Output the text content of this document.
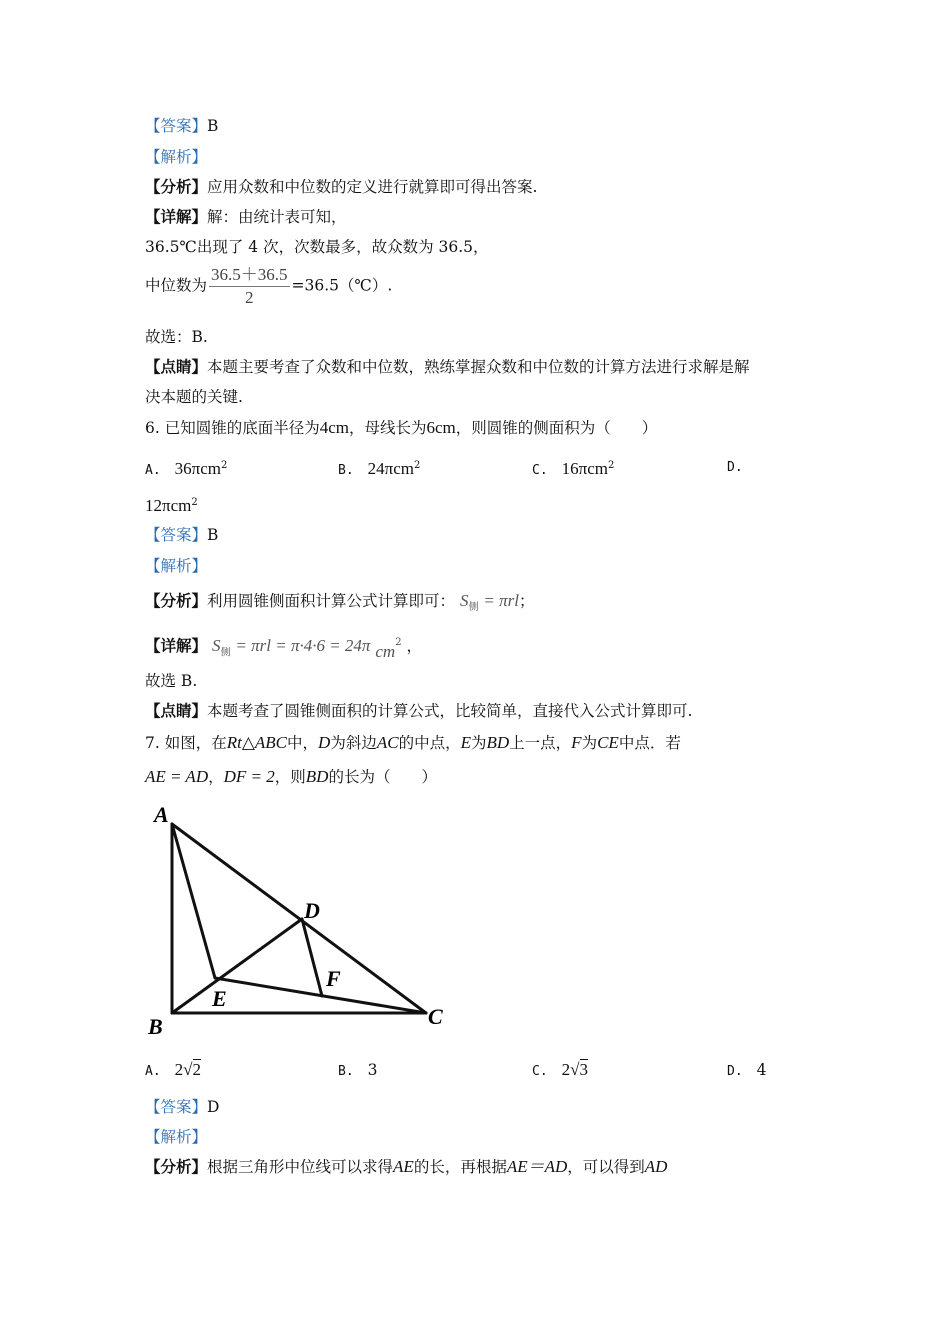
【答案】B
【解析】
【分析】应用众数和中位数的定义进行就算即可得出答案.
【详解】解：由统计表可知，
36.5℃出现了 4 次，次数最多，故众数为 36.5，
中位数为 $\frac{36.5+36.5}{2}$ =36.5（℃）.
故选：B.
【点睛】本题主要考查了众数和中位数，熟练掌握众数和中位数的计算方法进行求解是解
决本题的关键.
6. 已知圆锥的底面半径为4cm，母线长为6cm，则圆锥的侧面积为（　　）
A. 36πcm$^2$	B. 24πcm$^2$	C. 16πcm$^2$	D.
12πcm$^2$
【答案】B
【解析】
【分析】利用圆锥侧面积计算公式计算即可： $S_侧 = \pi rl$；
【详解】 $S_侧 = \pi rl = \pi\cdot 4\cdot 6 = 24\pi$ $cm^2$ ，
故选 B.
【点睛】本题考查了圆锥侧面积的计算公式，比较简单，直接代入公式计算即可.
7. 如图，在Rt△ABC中，D为斜边AC的中点，E为BD上一点，F为CE中点．若
AE = AD，DF = 2，则BD的长为（　　）
A
B	C
D
E
F
A. 2√2	B. 3	C. 2√3	D. 4
【答案】D
【解析】
【分析】根据三角形中位线可以求得AE的长，再根据AE＝AD，可以得到AD
